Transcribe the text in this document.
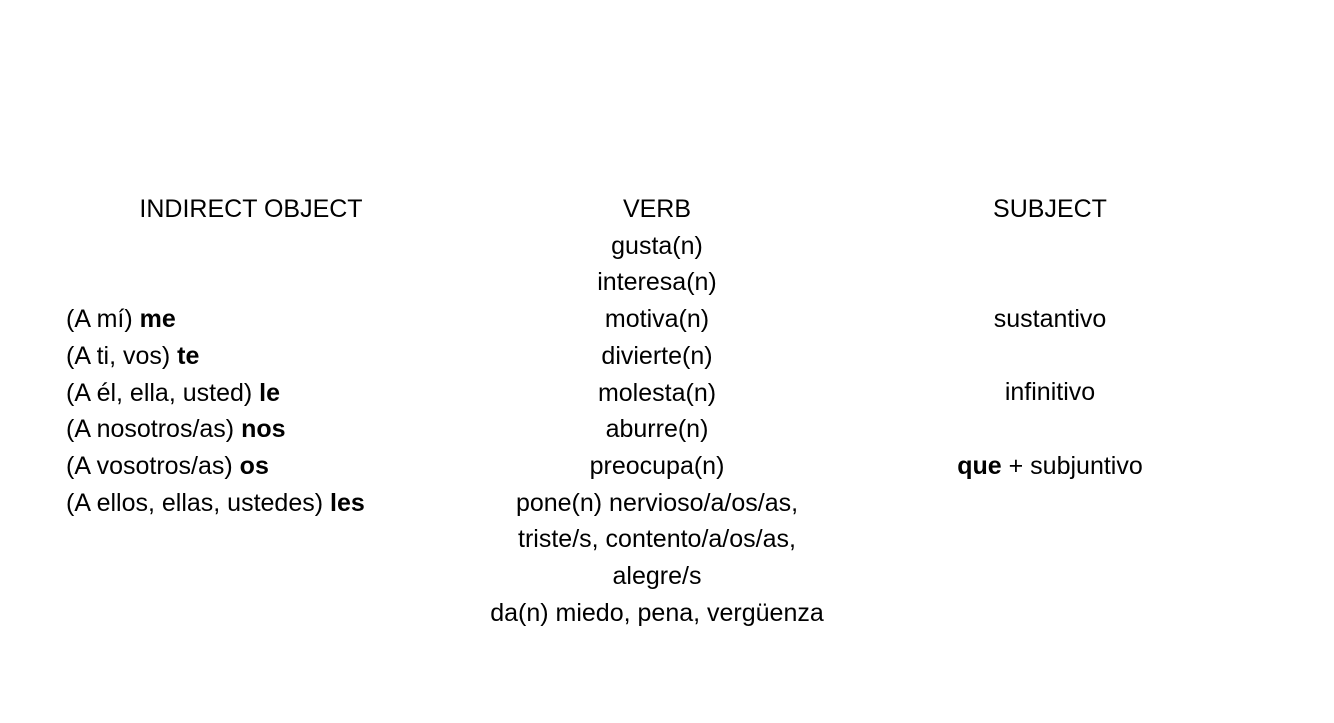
INDIRECT OBJECT
(A mí) me
(A ti, vos) te
(A él, ella, usted) le
(A nosotros/as) nos
(A vosotros/as) os
(A ellos, ellas, ustedes) les
VERB
gusta(n)
interesa(n)
motiva(n)
divierte(n)
molesta(n)
aburre(n)
preocupa(n)
pone(n) nervioso/a/os/as,
triste/s, contento/a/os/as,
alegre/s
da(n) miedo, pena, vergüenza
SUBJECT
sustantivo
infinitivo
que + subjuntivo
